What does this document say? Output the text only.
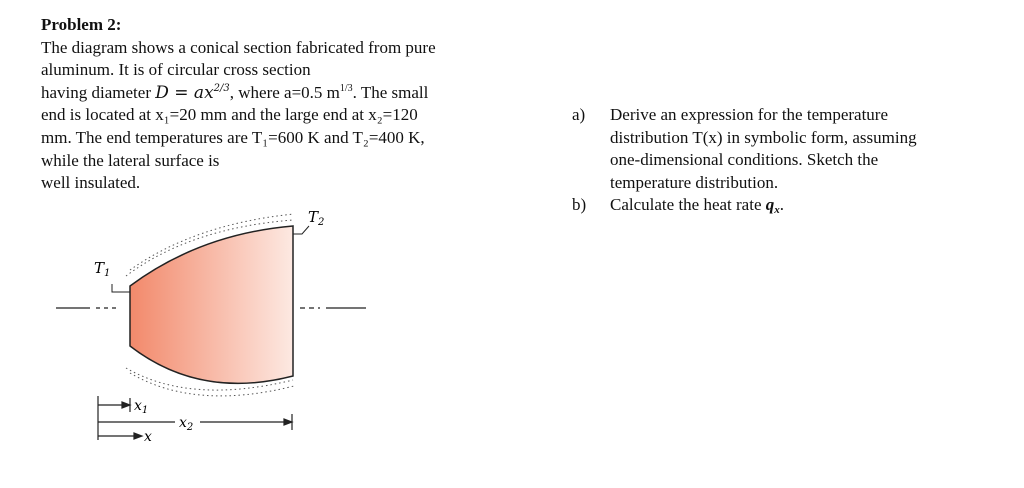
Problem 2:
The diagram shows a conical section fabricated from pure
aluminum. It is of circular cross section
having diameter $D = ax^{2/3}$, where a=0.5 $m^{1/3}$. The small
end is located at x₁=20 mm and the large end at x₂=120
mm. The end temperatures are T₁=600 K and T₂=400 K,
while the lateral surface is
well insulated.
a)	Derive an expression for the temperature
distribution T(x) in symbolic form, assuming
one-dimensional conditions. Sketch the
temperature distribution.
b)	Calculate the heat rate $q_x$.
$T_1$
$T_2$
$x_1$
$x_2$
x
